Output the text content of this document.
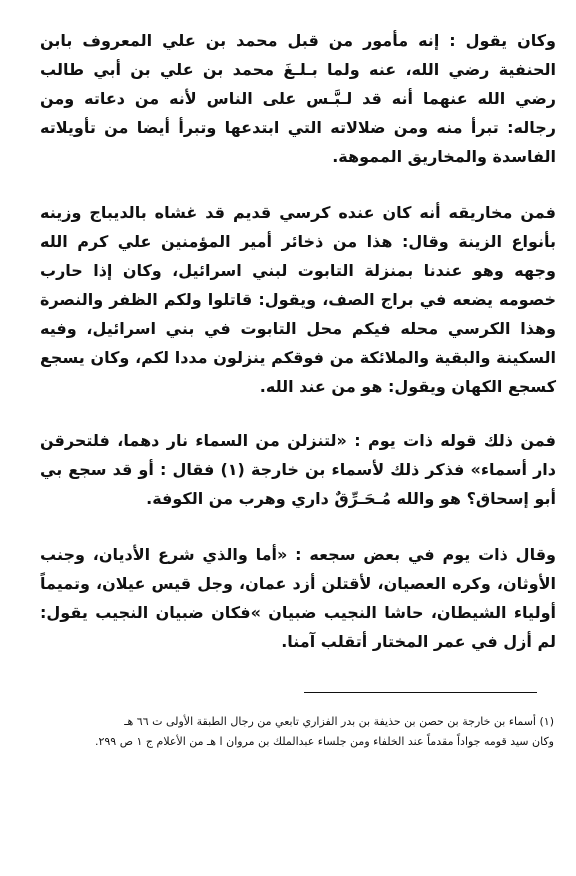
وكان يقول : إنه مأمور من قبل محمد بن علي المعروف بابن الحنفية رضي الله، عنه ولما بـلـغَ محمد بن علي بن أبي طالب رضي الله عنهما أنه قد لـبَّـس على الناس لأنه من دعاته ومن رجاله: تبرأ منه ومن ضلالاته التي ابتدعها وتبرأ أيضا من تأويلاته الفاسدة والمخاريق المموهة.

فمن مخاريقه أنه كان عنده كرسي قديم قد غشاه بالديباج وزينه بأنواع الزينة وقال: هذا من ذخائر أمير المؤمنين علي كرم الله وجهه وهو عندنا بمنزلة التابوت لبني اسرائيل، وكان إذا حارب خصومه يضعه في براج الصف، ويقول: قاتلوا ولكم الظفر والنصرة وهذا الكرسي محله فيكم محل التابوت في بني اسرائيل، وفيه السكينة والبقية والملائكة من فوقكم ينزلون مددا لكم، وكان يسجع كسجع الكهان ويقول: هو من عند الله.

فمن ذلك قوله ذات يوم : «لتنزلن من السماء نار دهما، فلتحرقن دار أسماء» فذكر ذلك لأسماء بن خارجة (١) فقال : أو قد سجع بي أبو إسحاق؟ هو والله مُـحَـرِّقٌ داري وهرب من الكوفة.

وقال ذات يوم في بعض سجعه : «أما والذي شرع الأديان، وجنب الأوثان، وكره العصيان، لأقتلن أزد عمان، وجل قيس عيلان، وتميماً أولياء الشيطان، حاشا النجيب ضبيان »فكان ضبيان النجيب يقول: لم أزل في عمر المختار أتقلب آمنا.

(١) أسماء بن خارجة بن حصن بن حذيفة بن بدر الفزاري تابعي من رجال الطبقة الأولى ت ٦٦ هـ

وكان سيد قومه جواداً مقدماً عند الخلفاء ومن جلساء عبدالملك بن مروان ا هـ من الأعلام ج ١ ص ٢٩٩.
